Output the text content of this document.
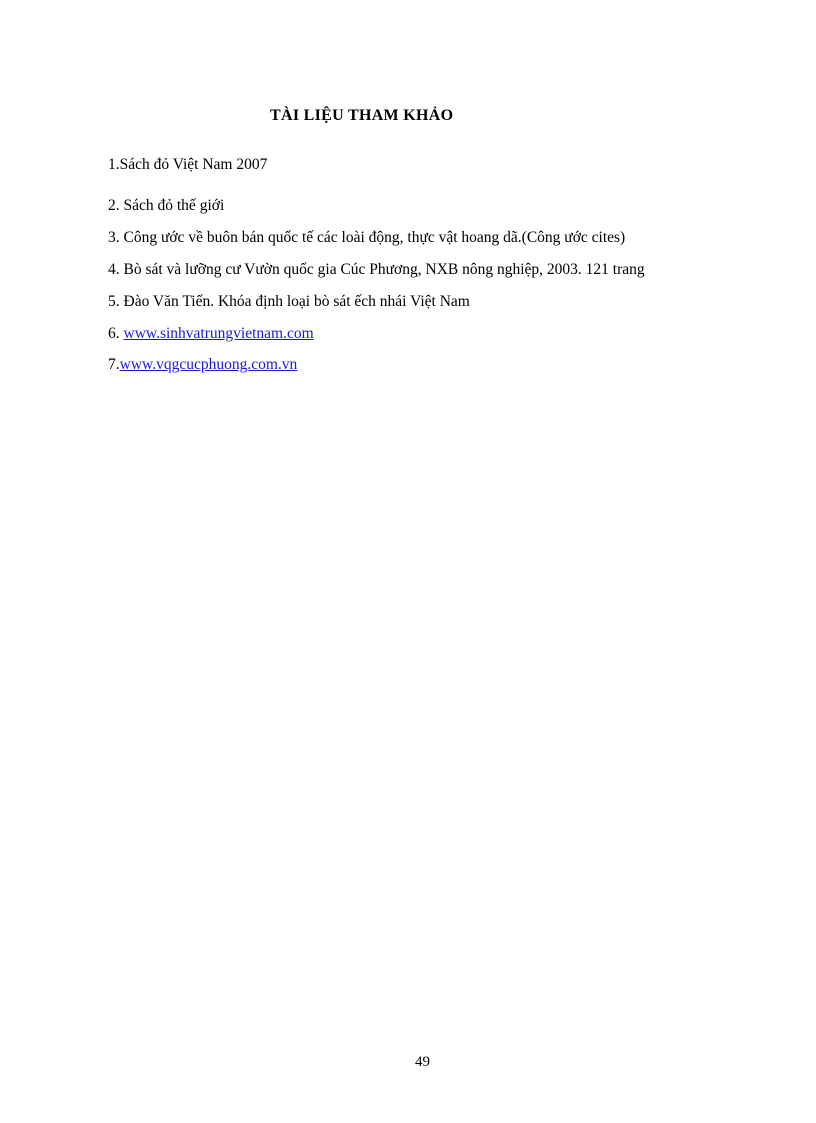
TÀI LIỆU THAM KHẢO
1.Sách đỏ Việt Nam 2007
2. Sách đỏ thế giới
3. Công ước về buôn bán quốc tế các loài động, thực vật hoang dã.(Công ước cites)
4. Bò sát và lưỡng cư Vườn quốc gia Cúc Phương, NXB nông nghiệp, 2003. 121 trang
5. Đào Văn Tiến. Khóa định loại bò sát ếch nhái Việt Nam
6. www.sinhvatrungvietnam.com
7.www.vqgcucphuong.com.vn

49
